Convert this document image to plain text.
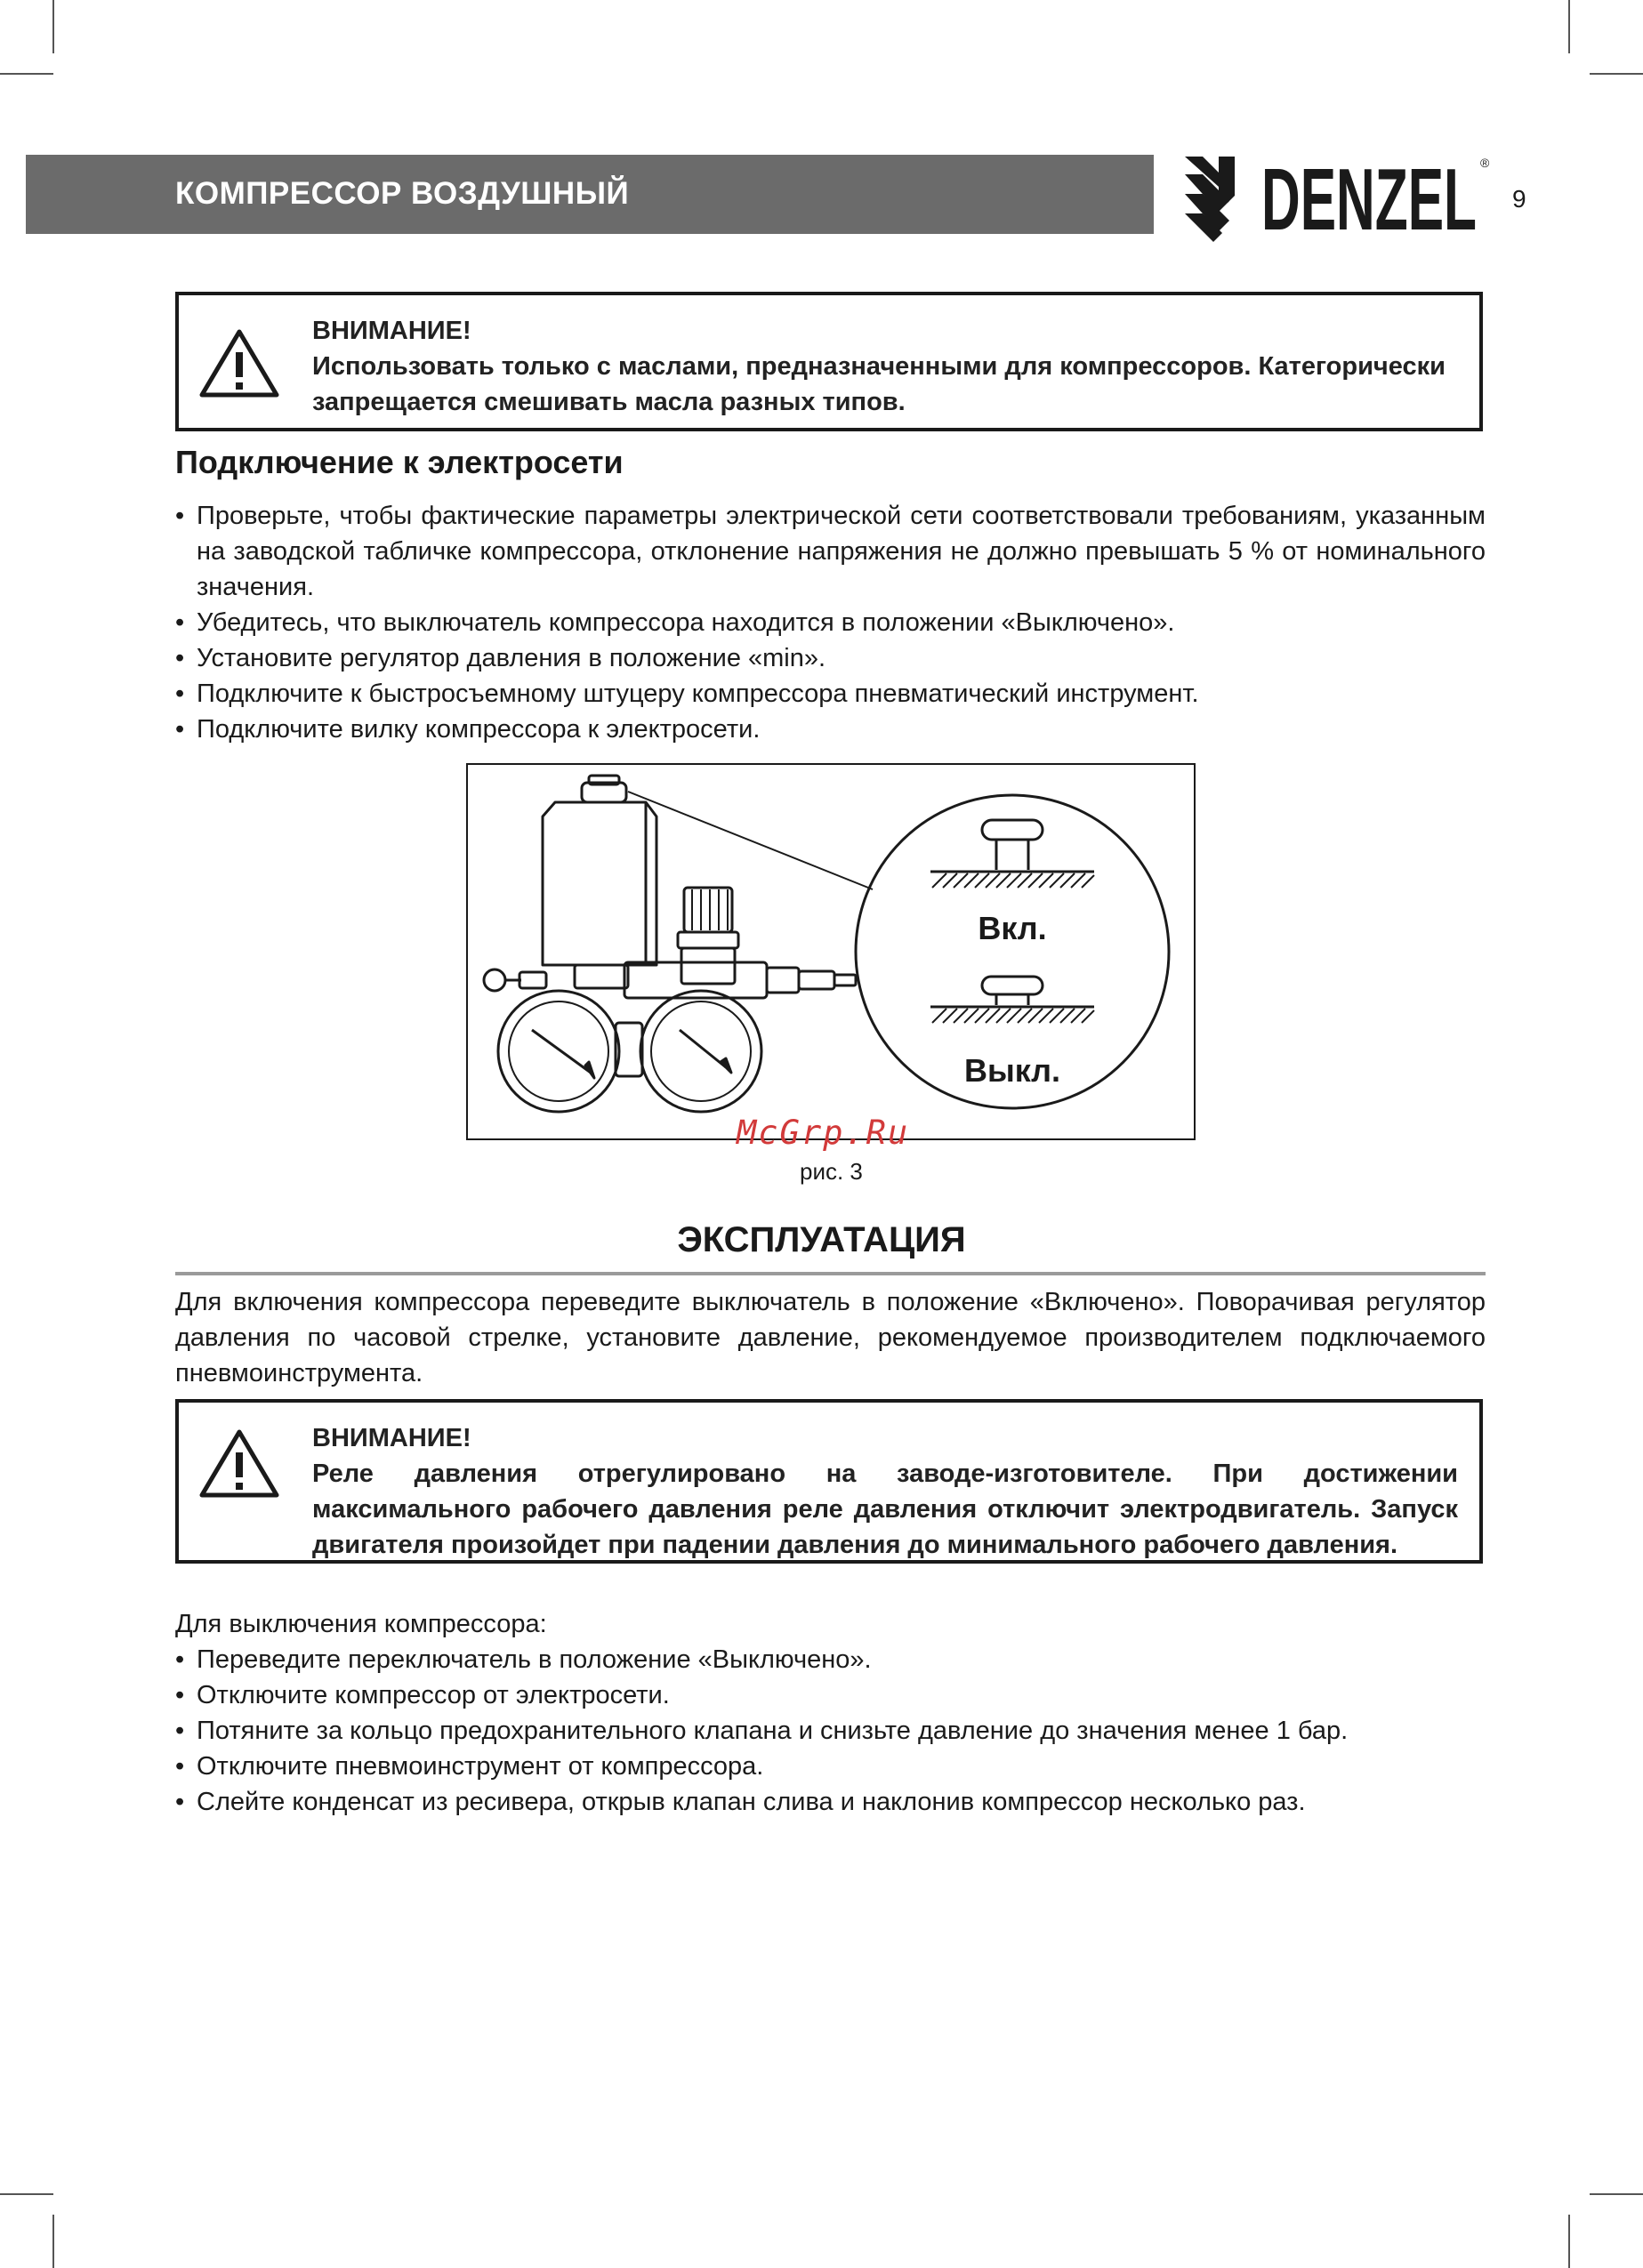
КОМПРЕССОР ВОЗДУШНЫЙ	DENZEL ®
9

ВНИМАНИЕ!

Использовать только с маслами, предназначенными для компрессоров. Категорически запрещается смешивать масла разных типов.

Подключение к электросети
• Проверьте, чтобы фактические параметры электрической сети соответствовали требованиям, указанным на заводской табличке компрессора, отклонение напряжения не должно превышать 5 % от номинального значения.
• Убедитесь, что выключатель компрессора находится в положении «Выключено».
• Установите регулятор давления в положение «min».
• Подключите к быстросъемному штуцеру компрессора пневматический инструмент.
• Подключите вилку компрессора к электросети.
Вкл.
Выкл.
McGrp.Ru
рис. 3
ЭКСПЛУАТАЦИЯ

Для включения компрессора переведите выключатель в положение «Включено». Поворачивая регулятор давления по часовой стрелке, установите давление, рекомендуемое производителем подключаемого пневмоинструмента.

ВНИМАНИЕ!

Реле давления отрегулировано на заводе-изготовителе. При достижении максимального рабочего давления реле давления отключит электродвигатель. Запуск двигателя произойдет при падении давления до минимального рабочего давления.

Для выключения компрессора:

• Переведите переключатель в положение «Выключено».
• Отключите компрессор от электросети.
• Потяните за кольцо предохранительного клапана и снизьте давление до значения менее 1 бар.
• Отключите пневмоинструмент от компрессора.
• Слейте конденсат из ресивера, открыв клапан слива и наклонив компрессор несколько раз.
